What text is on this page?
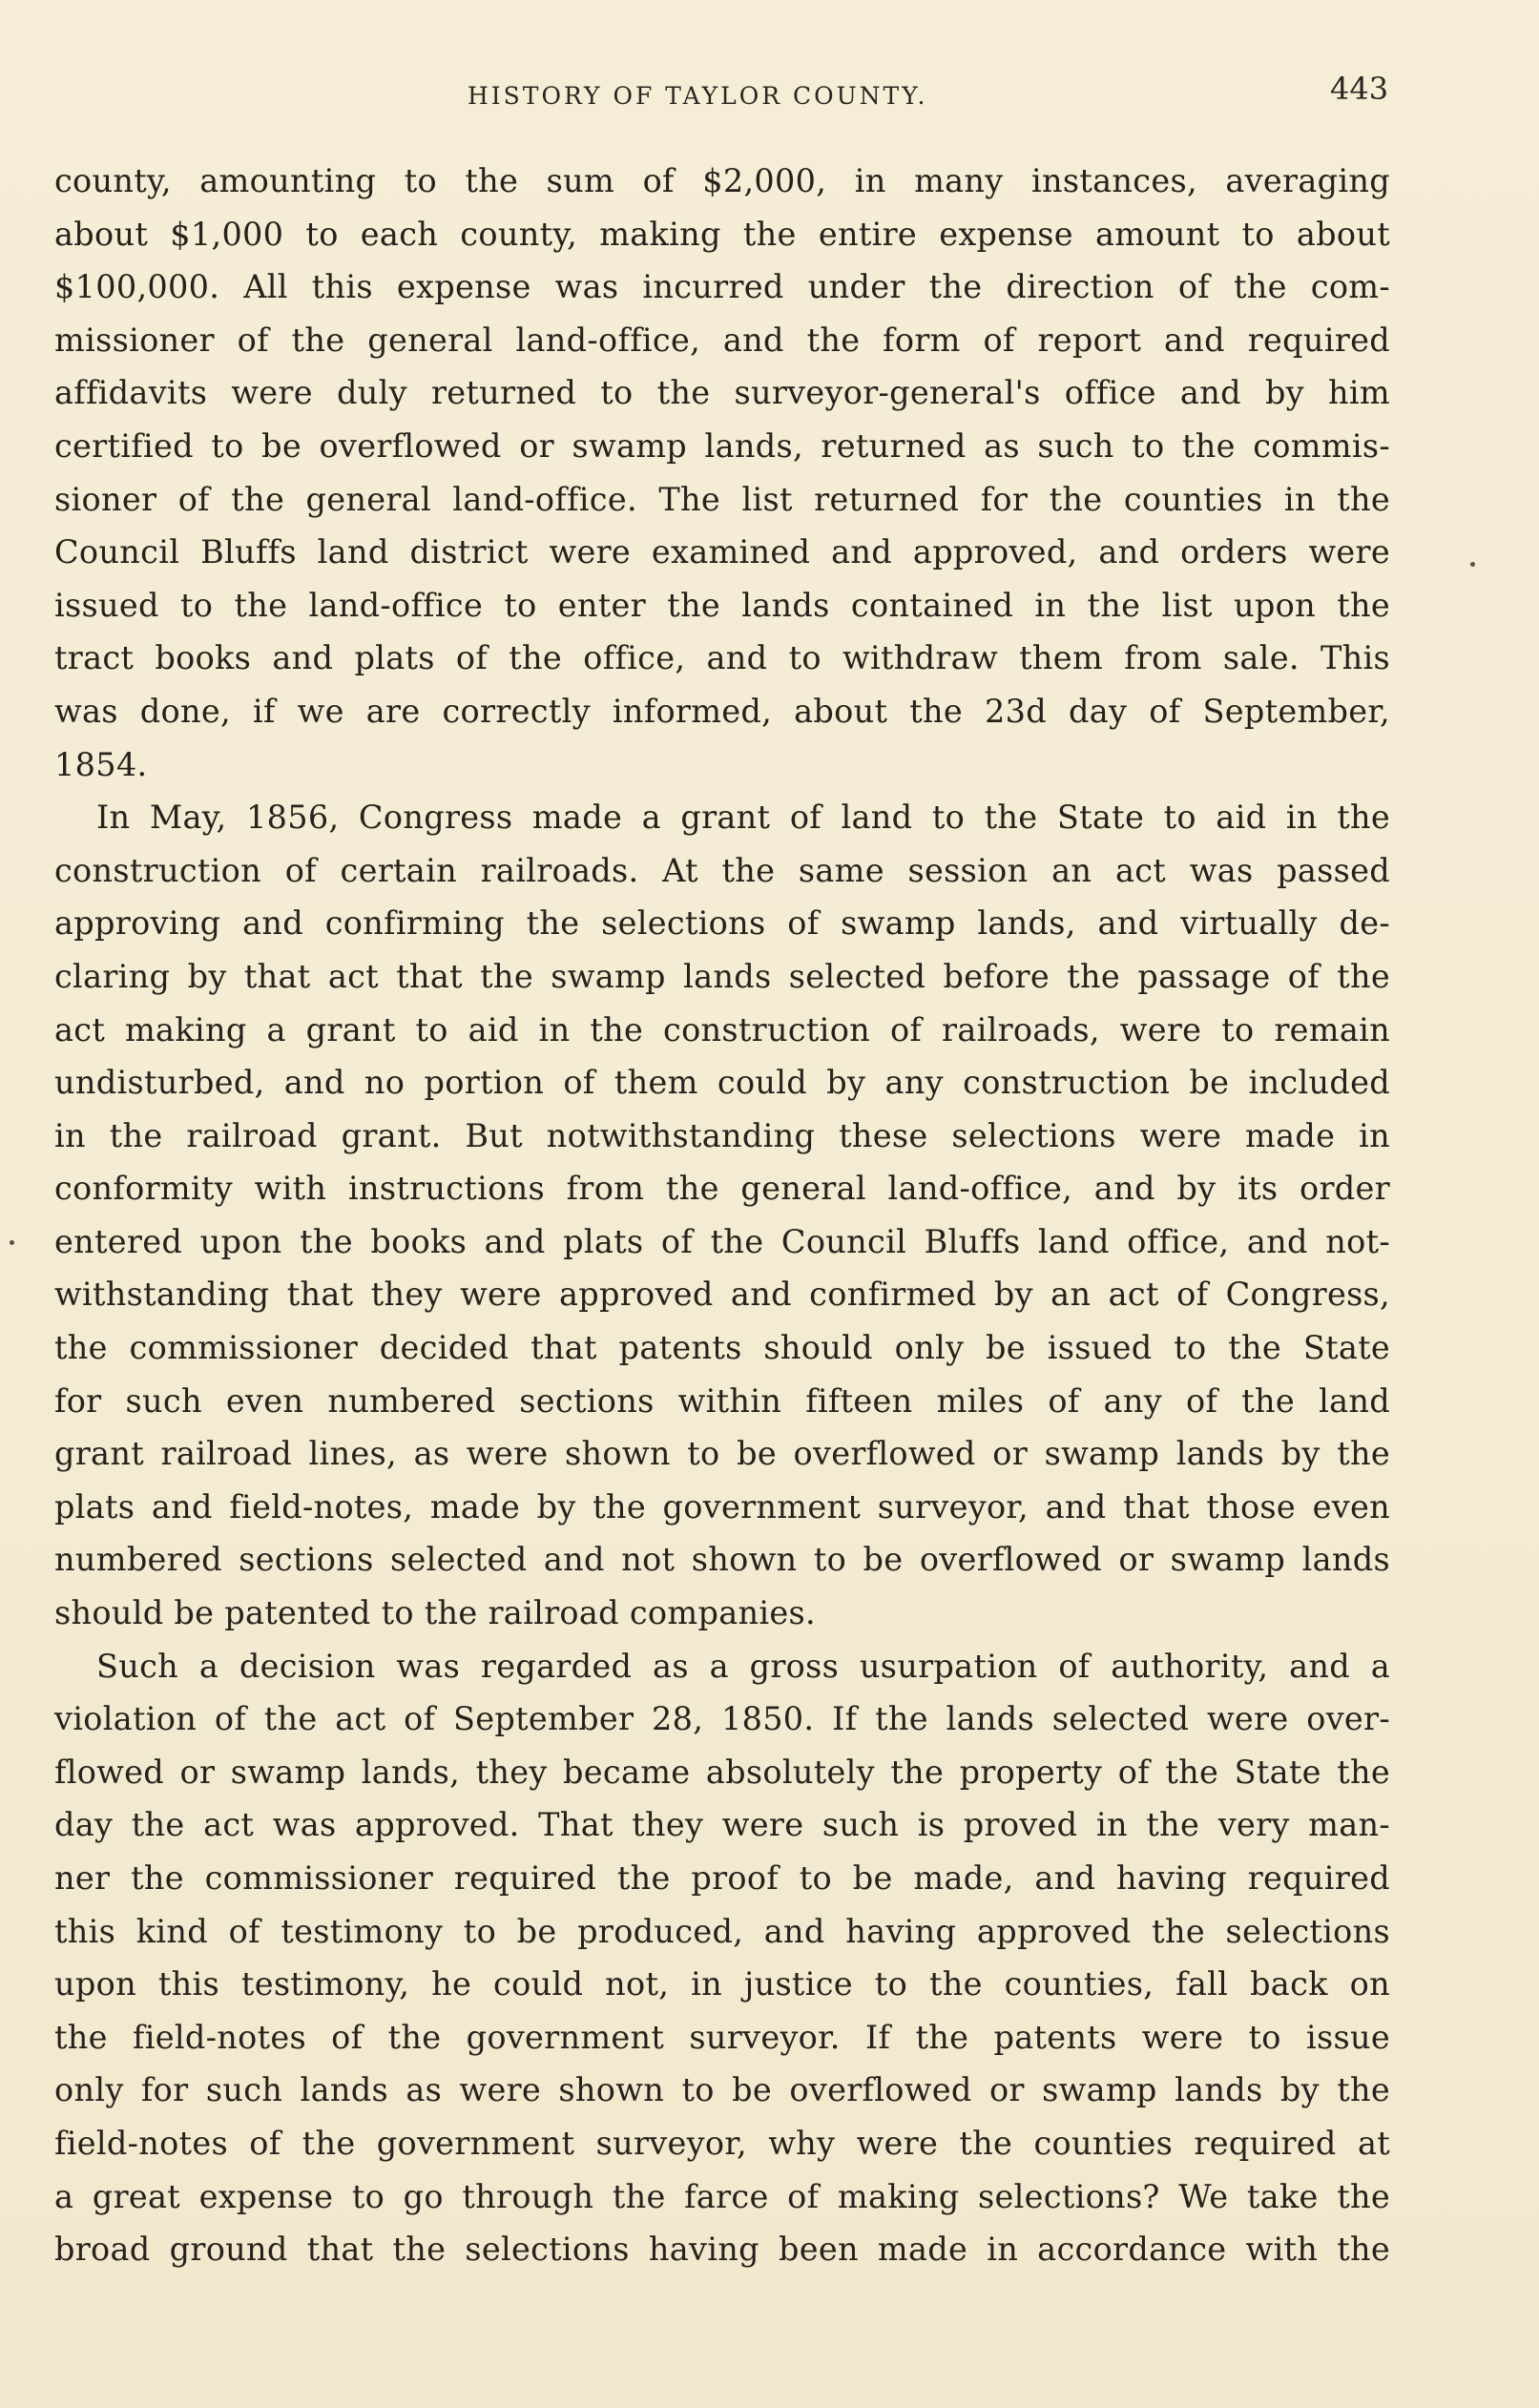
HISTORY OF TAYLOR COUNTY.	443
county, amounting to the sum of $2,000, in many instances, averaging
about $1,000 to each county, making the entire expense amount to about
$100,000. All this expense was incurred under the direction of the com-
missioner of the general land-office, and the form of report and required
affidavits were duly returned to the surveyor-general's office and by him
certified to be overflowed or swamp lands, returned as such to the commis-
sioner of the general land-office. The list returned for the counties in the
Council Bluffs land district were examined and approved, and orders were
issued to the land-office to enter the lands contained in the list upon the
tract books and plats of the office, and to withdraw them from sale. This
was done, if we are correctly informed, about the 23d day of September,
1854.
In May, 1856, Congress made a grant of land to the State to aid in the
construction of certain railroads. At the same session an act was passed
approving and confirming the selections of swamp lands, and virtually de-
claring by that act that the swamp lands selected before the passage of the
act making a grant to aid in the construction of railroads, were to remain
undisturbed, and no portion of them could by any construction be included
in the railroad grant. But notwithstanding these selections were made in
conformity with instructions from the general land-office, and by its order
entered upon the books and plats of the Council Bluffs land office, and not-
withstanding that they were approved and confirmed by an act of Congress,
the commissioner decided that patents should only be issued to the State
for such even numbered sections within fifteen miles of any of the land
grant railroad lines, as were shown to be overflowed or swamp lands by the
plats and field-notes, made by the government surveyor, and that those even
numbered sections selected and not shown to be overflowed or swamp lands
should be patented to the railroad companies.
Such a decision was regarded as a gross usurpation of authority, and a
violation of the act of September 28, 1850. If the lands selected were over-
flowed or swamp lands, they became absolutely the property of the State the
day the act was approved. That they were such is proved in the very man-
ner the commissioner required the proof to be made, and having required
this kind of testimony to be produced, and having approved the selections
upon this testimony, he could not, in justice to the counties, fall back on
the field-notes of the government surveyor. If the patents were to issue
only for such lands as were shown to be overflowed or swamp lands by the
field-notes of the government surveyor, why were the counties required at
a great expense to go through the farce of making selections? We take the
broad ground that the selections having been made in accordance with the
